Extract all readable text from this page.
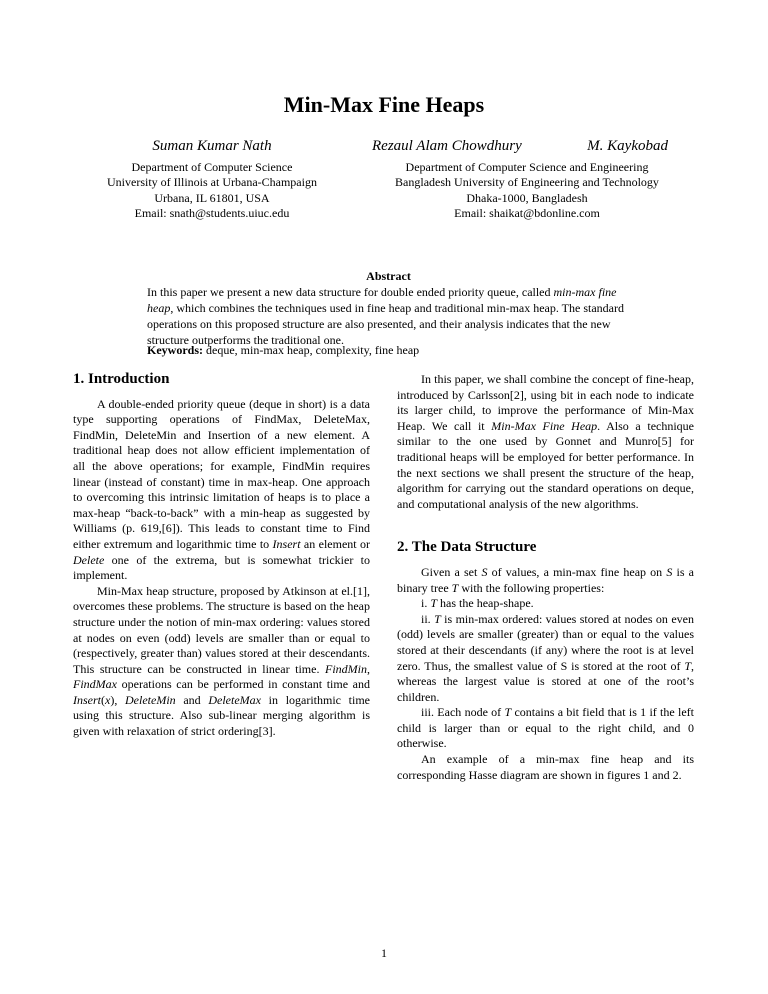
Min-Max Fine Heaps
Suman Kumar Nath
Department of Computer Science
University of Illinois at Urbana-Champaign
Urbana, IL 61801, USA
Email: snath@students.uiuc.edu
Rezaul Alam Chowdhury	M. Kaykobad
Department of Computer Science and Engineering
Bangladesh University of Engineering and Technology
Dhaka-1000, Bangladesh
Email: shaikat@bdonline.com
Abstract
In this paper we present a new data structure for double ended priority queue, called min-max fine heap, which combines the techniques used in fine heap and traditional min-max heap. The standard operations on this proposed structure are also presented, and their analysis indicates that the new structure outperforms the traditional one.
Keywords: deque, min-max heap, complexity, fine heap
1. Introduction

A double-ended priority queue (deque in short) is a data type supporting operations of FindMax, DeleteMax, FindMin, DeleteMin and Insertion of a new element. A traditional heap does not allow efficient implementation of all the above operations; for example, FindMin requires linear (instead of constant) time in max-heap. One approach to overcoming this intrinsic limitation of heaps is to place a max-heap “back-to-back” with a min-heap as suggested by Williams (p. 619,[6]). This leads to constant time to Find either extremum and logarithmic time to Insert an element or Delete one of the extrema, but is somewhat trickier to implement.

Min-Max heap structure, proposed by Atkinson at el.[1], overcomes these problems. The structure is based on the heap structure under the notion of min-max ordering: values stored at nodes on even (odd) levels are smaller than or equal to (respectively, greater than) values stored at their descendants. This structure can be constructed in linear time. FindMin, FindMax operations can be performed in constant time and Insert(x), DeleteMin and DeleteMax in logarithmic time using this structure. Also sub-linear merging algorithm is given with relaxation of strict ordering[3].

In this paper, we shall combine the concept of fine-heap, introduced by Carlsson[2], using bit in each node to indicate its larger child, to improve the performance of Min-Max Heap. We call it Min-Max Fine Heap. Also a technique similar to the one used by Gonnet and Munro[5] for traditional heaps will be employed for better performance. In the next sections we shall present the structure of the heap, algorithm for carrying out the standard operations on deque, and computational analysis of the new algorithms.

2. The Data Structure

Given a set S of values, a min-max fine heap on S is a binary tree T with the following properties:

i. T has the heap-shape.

ii. T is min-max ordered: values stored at nodes on even (odd) levels are smaller (greater) than or equal to the values stored at their descendants (if any) where the root is at level zero. Thus, the smallest value of S is stored at the root of T, whereas the largest value is stored at one of the root’s children.

iii. Each node of T contains a bit field that is 1 if the left child is larger than or equal to the right child, and 0 otherwise.

An example of a min-max fine heap and its corresponding Hasse diagram are shown in figures 1 and 2.

1
